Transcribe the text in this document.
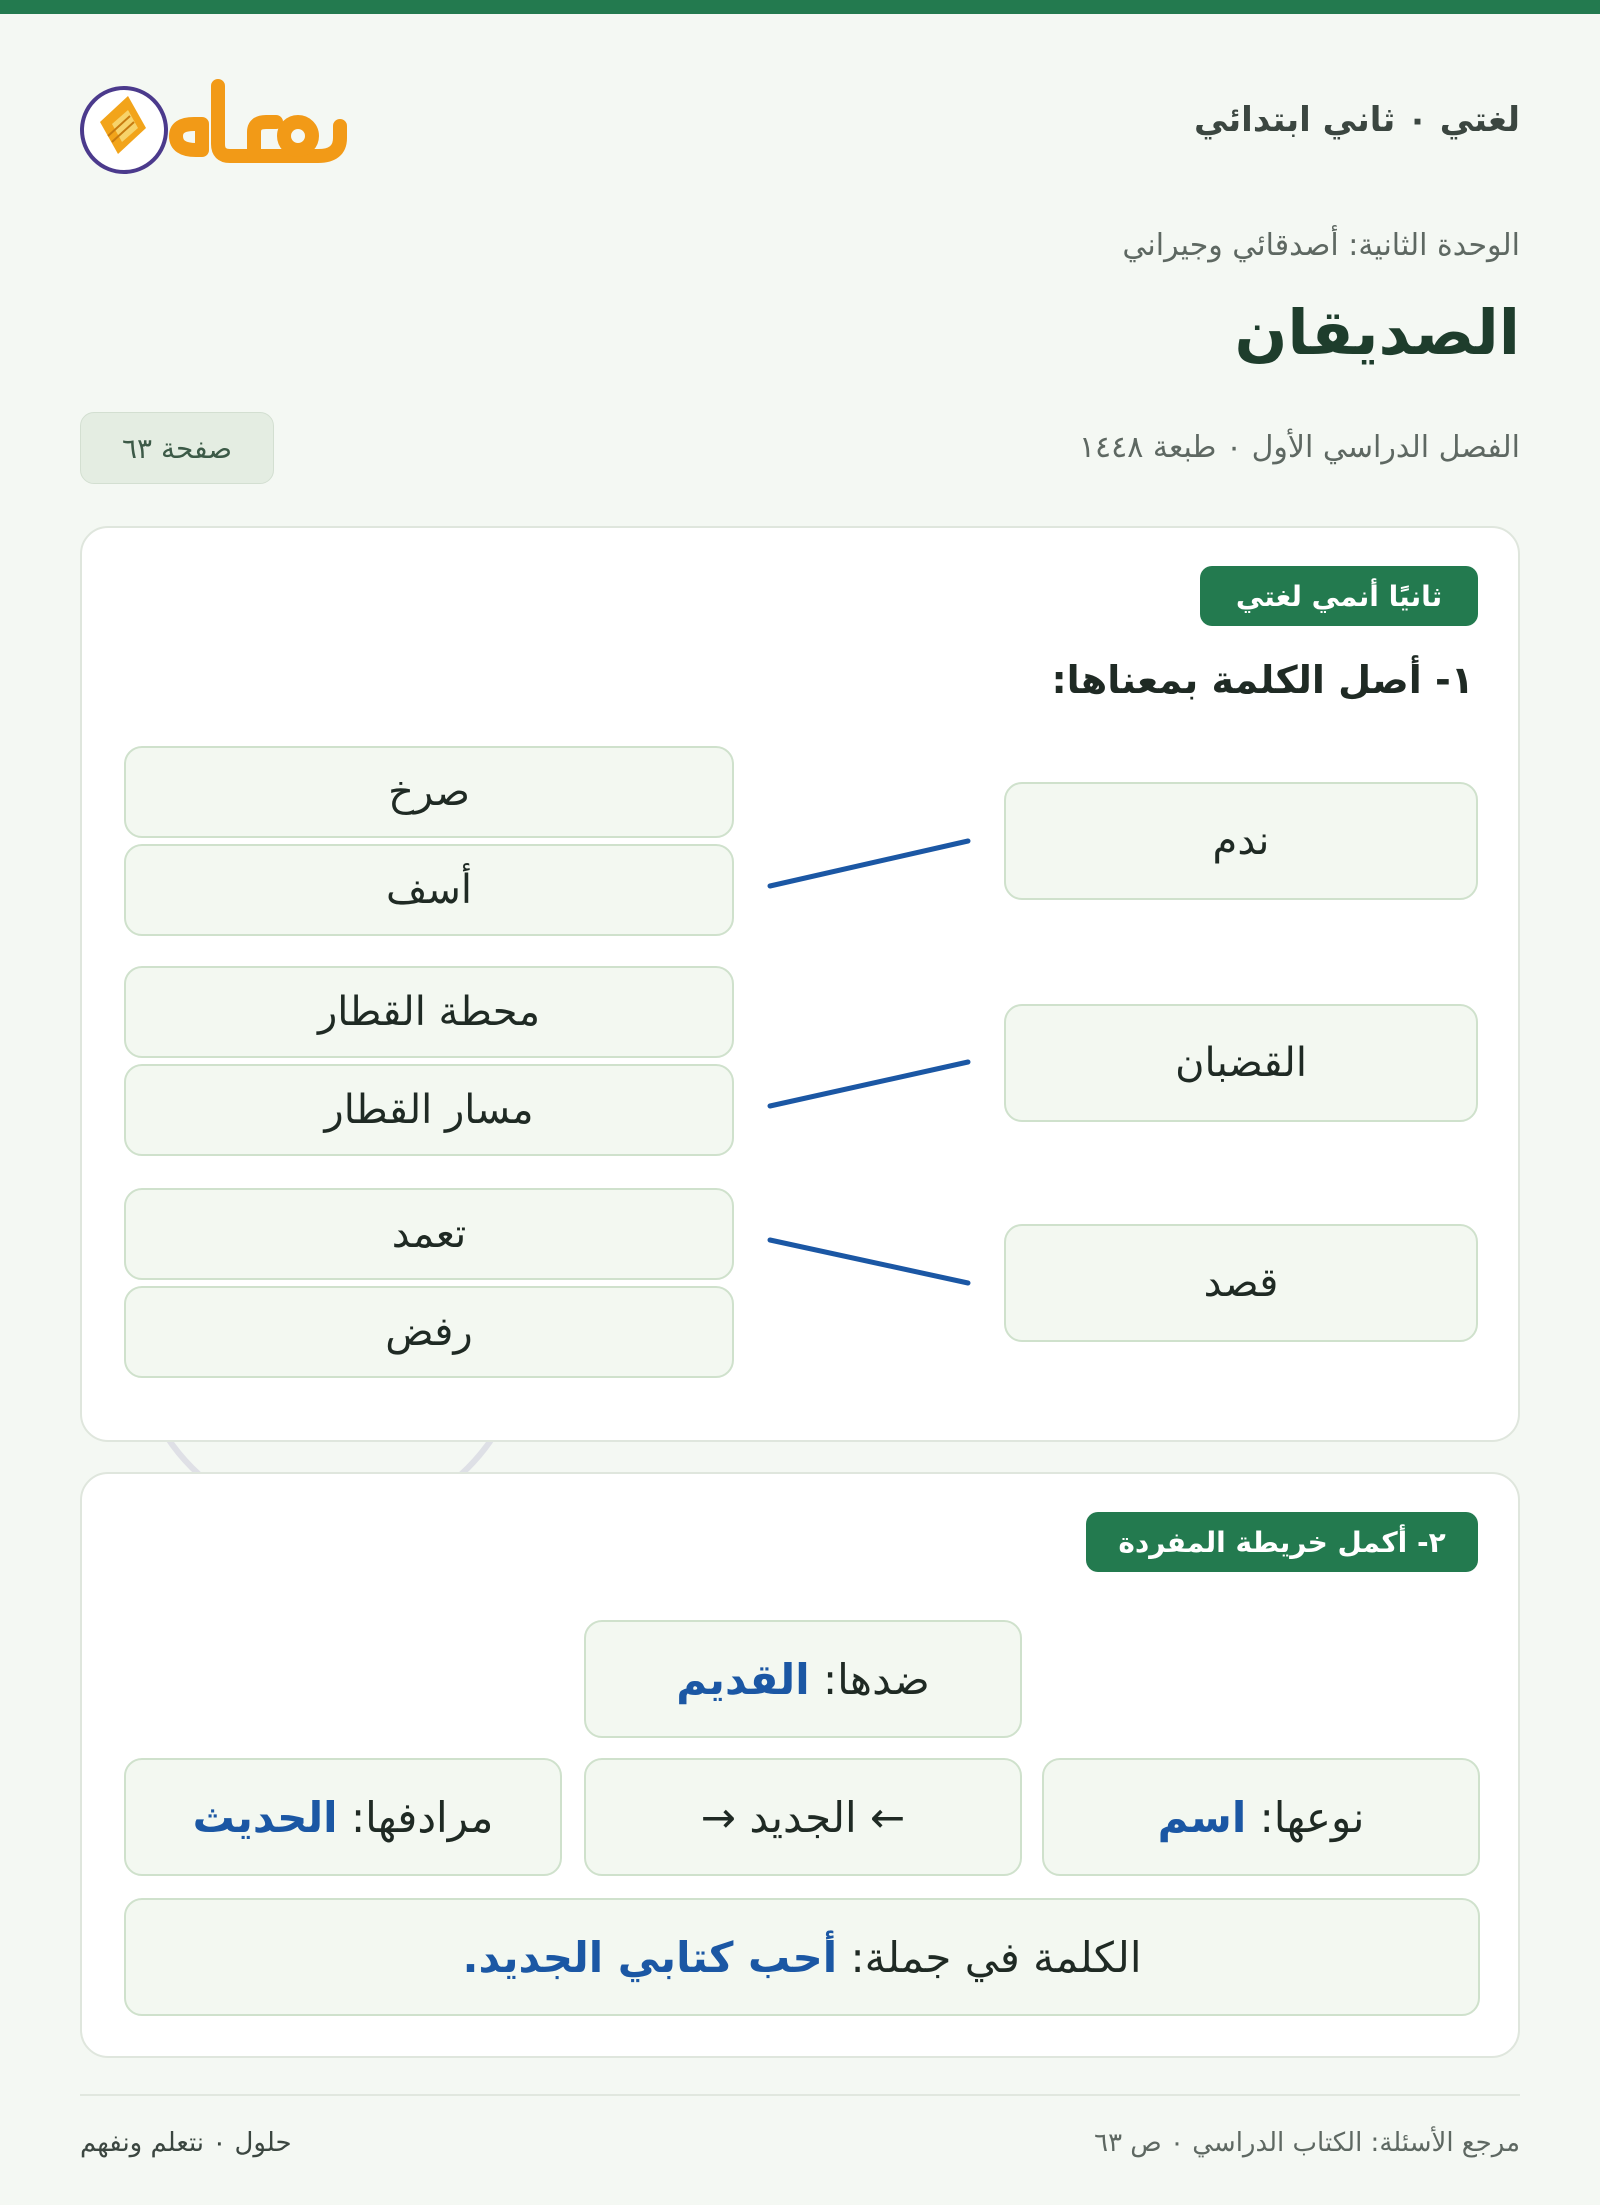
لغتي ٠ ثاني ابتدائي
الوحدة الثانية: أصدقائي وجيراني
الصديقان
الفصل الدراسي الأول ٠ طبعة ١٤٤٨
صفحة ٦٣
ثانيًا أنمي لغتي
١- أصل الكلمة بمعناها:
ندم
القضبان
قصد
صرخ
أسف
محطة القطار
مسار القطار
تعمد
رفض
٢- أكمل خريطة المفردة
ضدها:

القديم
نوعها:

اسم
← الجديد →
مرادفها:

الحديث
الكلمة في جملة:

أحب كتابي الجديد.
مرجع الأسئلة: الكتاب الدراسي ٠ ص ٦٣
حلول ٠ نتعلم ونفهم
